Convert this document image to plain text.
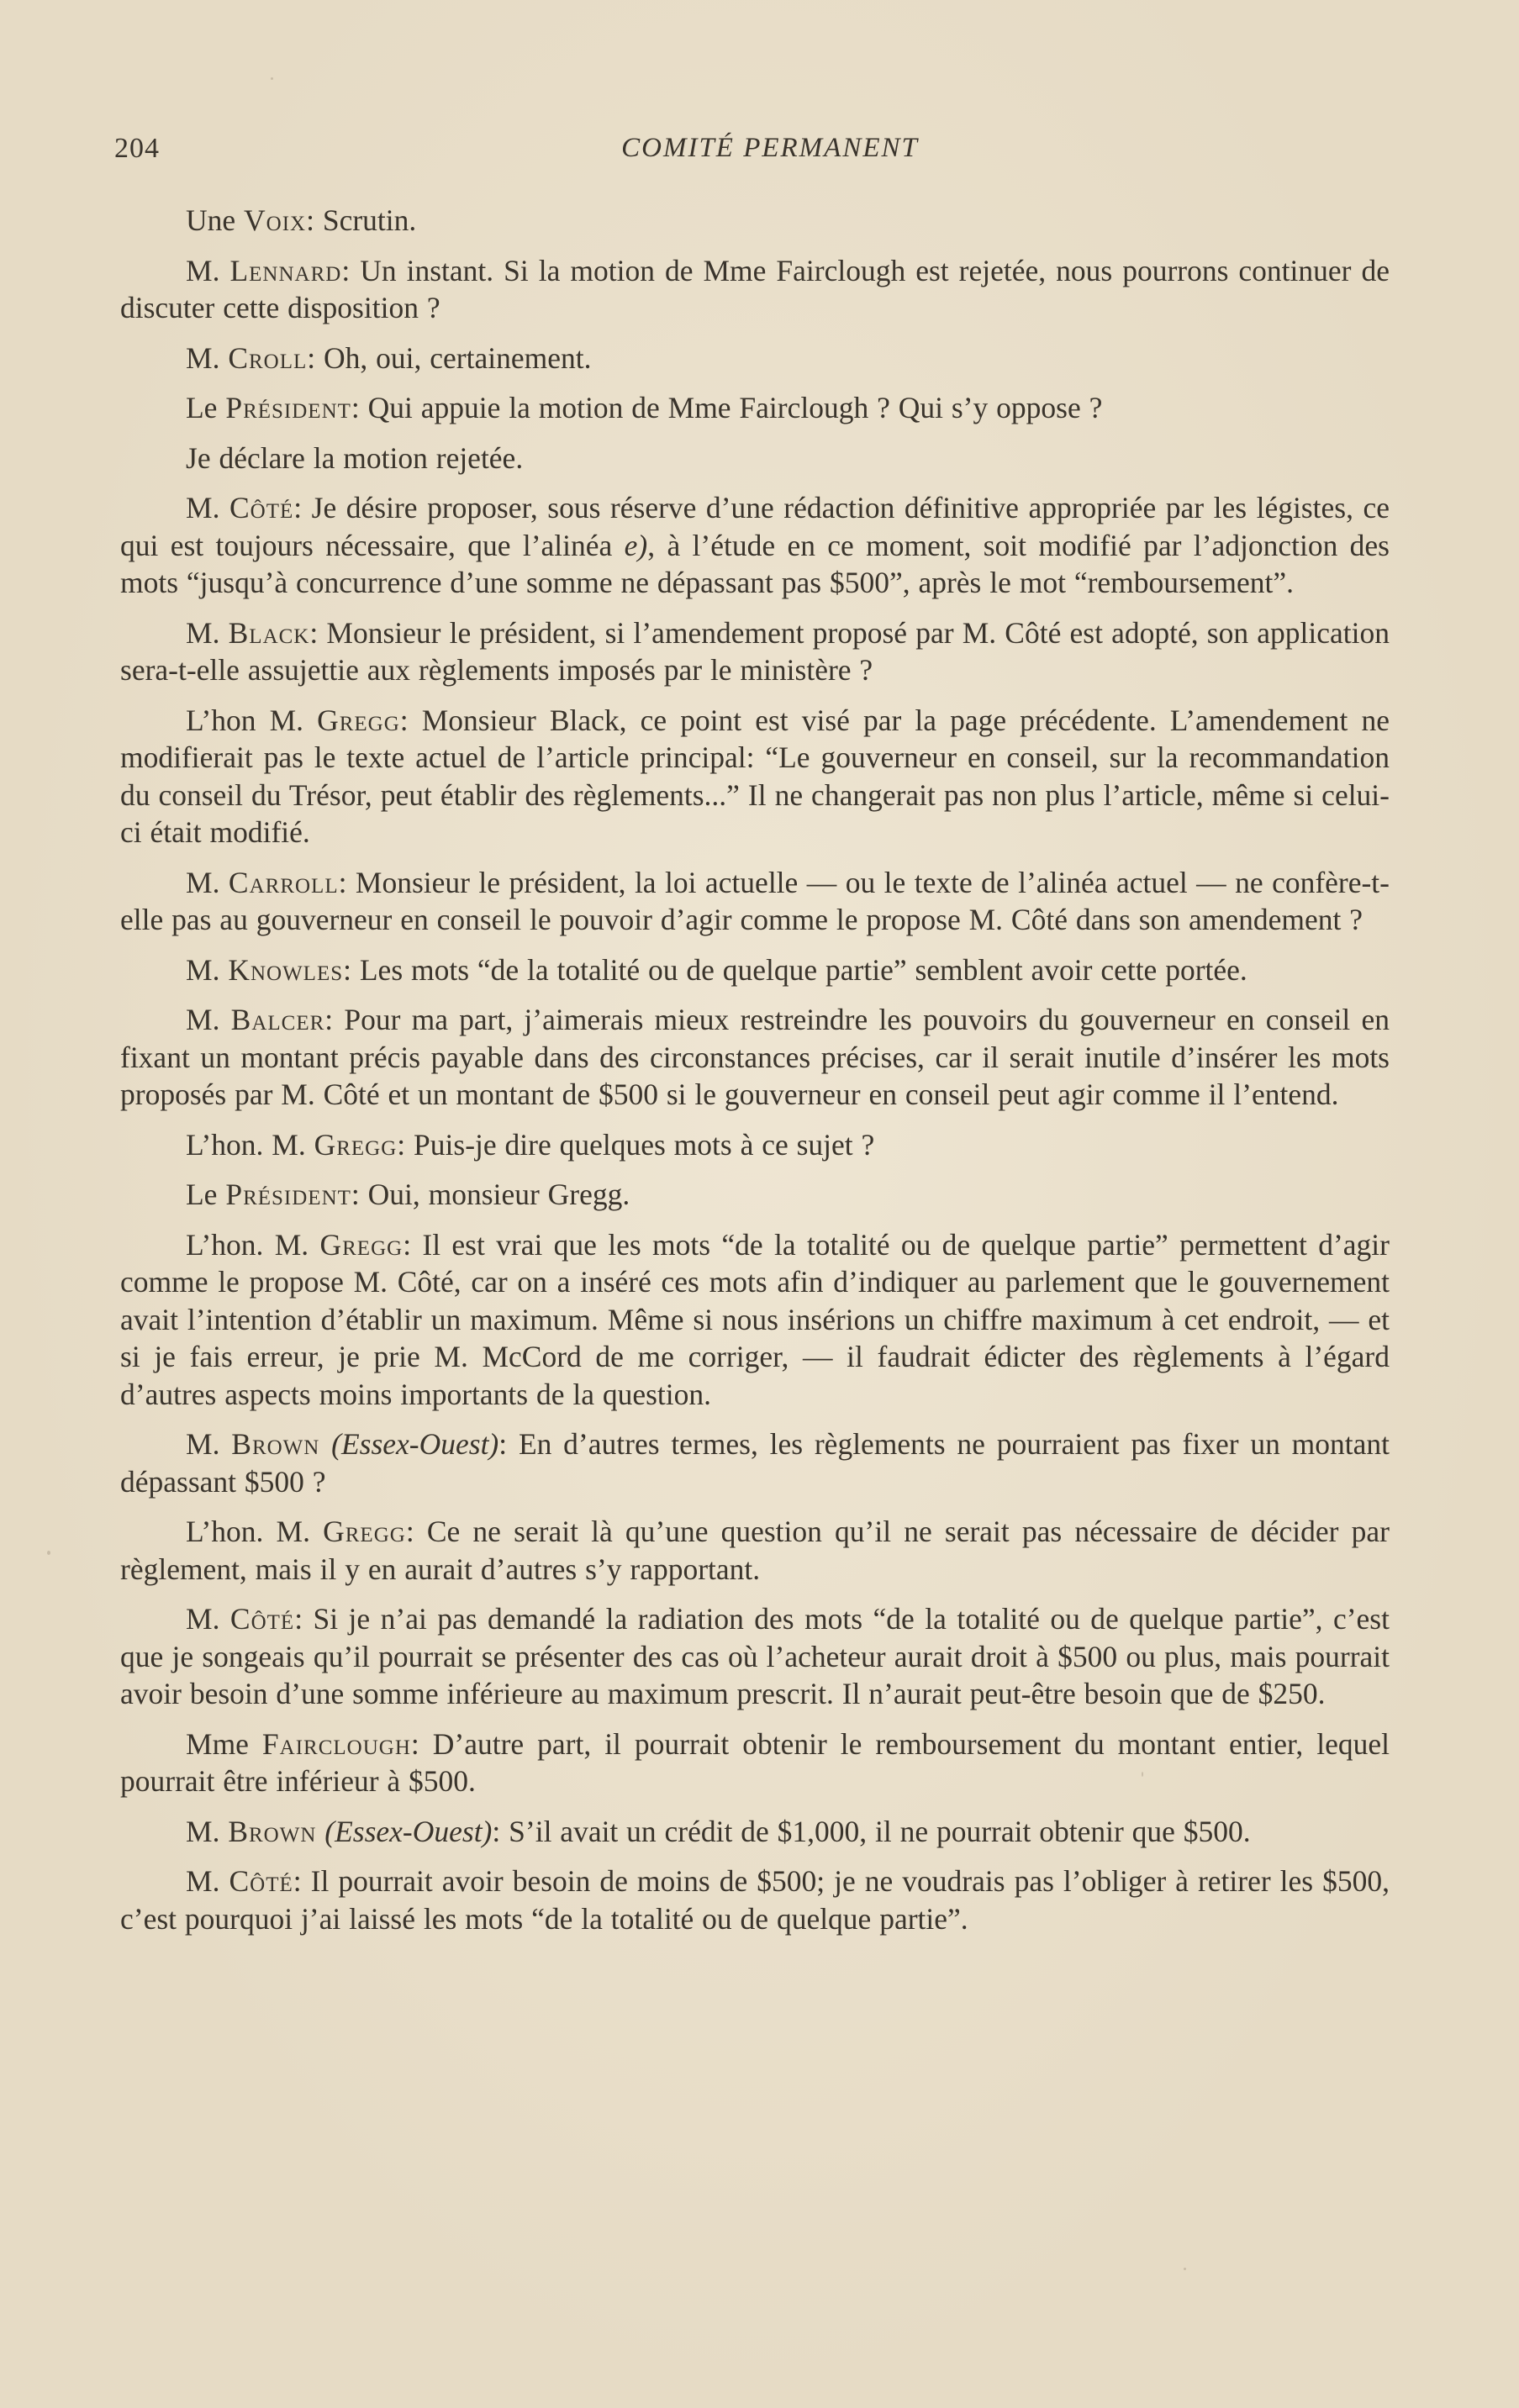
204	COMITÉ PERMANENT

Une Voix: Scrutin.

M. Lennard: Un instant. Si la motion de Mme Fairclough est rejetée, nous pourrons continuer de discuter cette disposition ?

M. Croll: Oh, oui, certainement.

Le Président: Qui appuie la motion de Mme Fairclough ? Qui s’y oppose ?

Je déclare la motion rejetée.

M. Côté: Je désire proposer, sous réserve d’une rédaction définitive appropriée par les légistes, ce qui est toujours nécessaire, que l’alinéa e), à l’étude en ce moment, soit modifié par l’adjonction des mots “jusqu’à concurrence d’une somme ne dépassant pas $500”, après le mot “remboursement”.

M. Black: Monsieur le président, si l’amendement proposé par M. Côté est adopté, son application sera-t-elle assujettie aux règlements imposés par le ministère ?

L’hon M. Gregg: Monsieur Black, ce point est visé par la page précédente. L’amendement ne modifierait pas le texte actuel de l’article principal: “Le gouverneur en conseil, sur la recommandation du conseil du Trésor, peut établir des règlements...” Il ne changerait pas non plus l’article, même si celui-ci était modifié.

M. Carroll: Monsieur le président, la loi actuelle — ou le texte de l’alinéa actuel — ne confère-t-elle pas au gouverneur en conseil le pouvoir d’agir comme le propose M. Côté dans son amendement ?

M. Knowles: Les mots “de la totalité ou de quelque partie” semblent avoir cette portée.

M. Balcer: Pour ma part, j’aimerais mieux restreindre les pouvoirs du gouverneur en conseil en fixant un montant précis payable dans des circonstances précises, car il serait inutile d’insérer les mots proposés par M. Côté et un montant de $500 si le gouverneur en conseil peut agir comme il l’entend.

L’hon. M. Gregg: Puis-je dire quelques mots à ce sujet ?

Le Président: Oui, monsieur Gregg.

L’hon. M. Gregg: Il est vrai que les mots “de la totalité ou de quelque partie” permettent d’agir comme le propose M. Côté, car on a inséré ces mots afin d’indiquer au parlement que le gouvernement avait l’intention d’établir un maximum. Même si nous insérions un chiffre maximum à cet endroit, — et si je fais erreur, je prie M. McCord de me corriger, — il faudrait édicter des règlements à l’égard d’autres aspects moins importants de la question.

M. Brown (Essex-Ouest): En d’autres termes, les règlements ne pourraient pas fixer un montant dépassant $500 ?

L’hon. M. Gregg: Ce ne serait là qu’une question qu’il ne serait pas nécessaire de décider par règlement, mais il y en aurait d’autres s’y rapportant.

M. Côté: Si je n’ai pas demandé la radiation des mots “de la totalité ou de quelque partie”, c’est que je songeais qu’il pourrait se présenter des cas où l’acheteur aurait droit à $500 ou plus, mais pourrait avoir besoin d’une somme inférieure au maximum prescrit. Il n’aurait peut-être besoin que de $250.

Mme Fairclough: D’autre part, il pourrait obtenir le remboursement du montant entier, lequel pourrait être inférieur à $500.

M. Brown (Essex-Ouest): S’il avait un crédit de $1,000, il ne pourrait obtenir que $500.

M. Côté: Il pourrait avoir besoin de moins de $500; je ne voudrais pas l’obliger à retirer les $500, c’est pourquoi j’ai laissé les mots “de la totalité ou de quelque partie”.
